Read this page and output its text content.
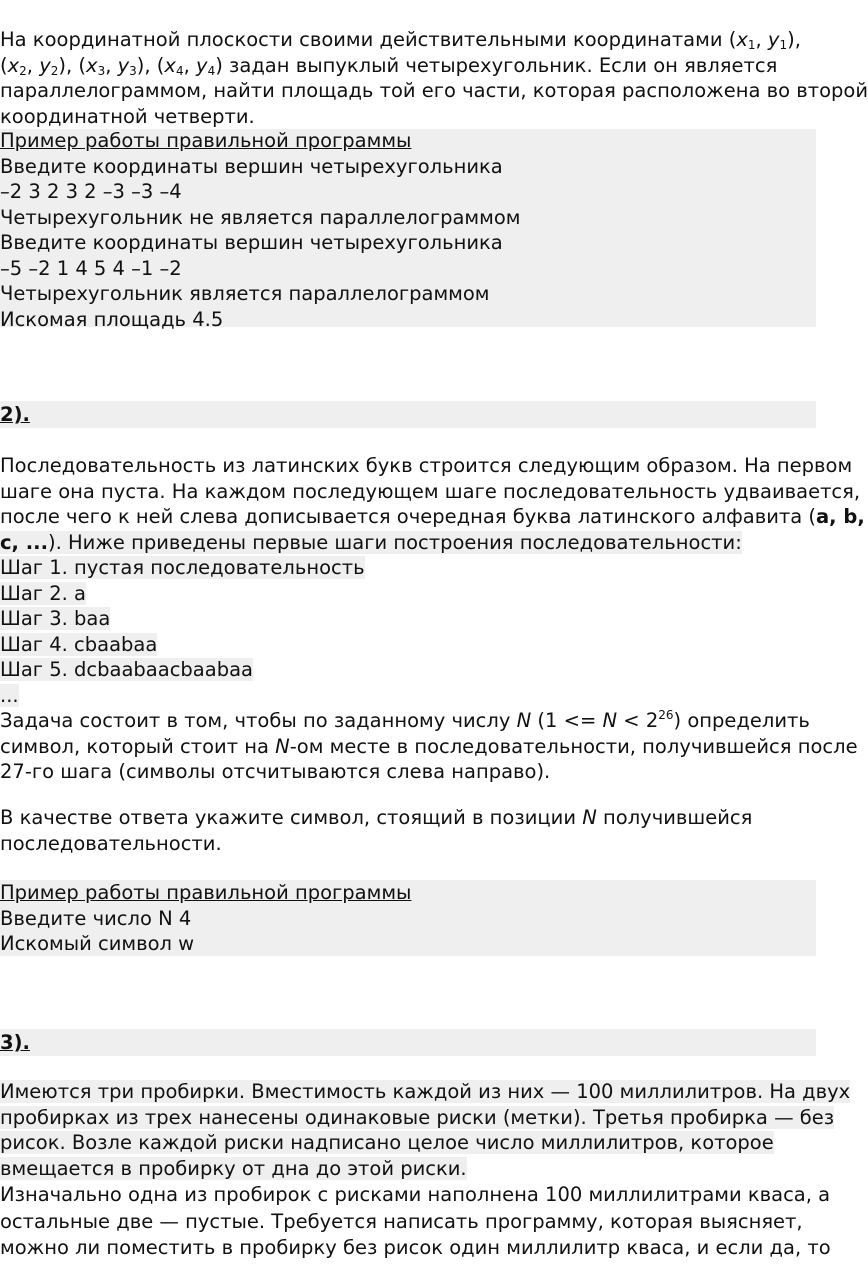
На координатной плоскости своими действительными координатами ($x_1$, $y_1$),
($x_2$, $y_2$), ($x_3$, $y_3$), ($x_4$, $y_4$) задан выпуклый четырехугольник. Если он является
параллелограммом, найти площадь той его части, которая расположена во второй
координатной четверти.
Пример работы правильной программы
Введите координаты вершин четырехугольника
–2 3 2 3 2 –3 –3 –4
Четырехугольник не является параллелограммом
Введите координаты вершин четырехугольника
–5 –2 1 4 5 4 –1 –2
Четырехугольник является параллелограммом
Искомая площадь 4.5
2).
Последовательность из латинских букв строится следующим образом. На первом
шаге она пуста. На каждом последующем шаге последовательность удваивается,
после чего к ней слева дописывается очередная буква латинского алфавита (a, b,
c, ...). Ниже приведены первые шаги построения последовательности:
Шаг 1. пустая последовательность
Шаг 2. a
Шаг 3. baa
Шаг 4. cbaabaa
Шаг 5. dcbaabaacbaabaa
...
Задача состоит в том, чтобы по заданному числу N $(1 <= N < 2^{26})$ определить
символ, который стоит на N-ом месте в последовательности, получившейся после
27-го шага (символы отсчитываются слева направо).
В качестве ответа укажите символ, стоящий в позиции N получившейся
последовательности.
Пример работы правильной программы
Введите число N 4
Искомый символ w
3).
Имеются три пробирки. Вместимость каждой из них — 100 миллилитров. На двух
пробирках из трех нанесены одинаковые риски (метки). Третья пробирка — без
рисок. Возле каждой риски надписано целое число миллилитров, которое
вмещается в пробирку от дна до этой риски.
Изначально одна из пробирок с рисками наполнена 100 миллилитрами кваса, а
остальные две — пустые. Требуется написать программу, которая выясняет,
можно ли поместить в пробирку без рисок один миллилитр кваса, и если да, то
